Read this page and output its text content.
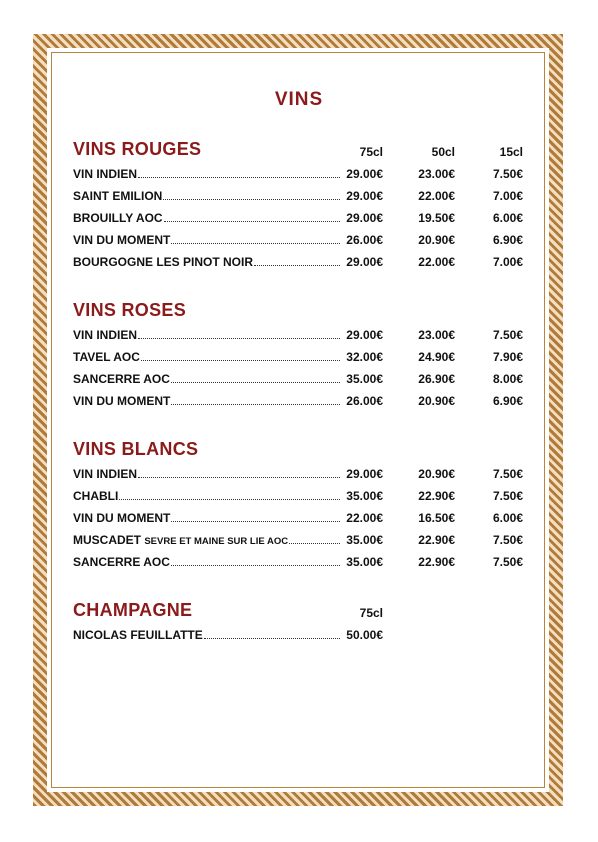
VINS
VINS ROUGES	75cl	50cl	15cl
VIN INDIEN	29.00€	23.00€	7.50€
SAINT EMILION	29.00€	22.00€	7.00€
BROUILLY AOC	29.00€	19.50€	6.00€
VIN DU MOMENT	26.00€	20.90€	6.90€
BOURGOGNE LES PINOT NOIR	29.00€	22.00€	7.00€
VINS ROSES
VIN INDIEN	29.00€	23.00€	7.50€
TAVEL AOC	32.00€	24.90€	7.90€
SANCERRE AOC	35.00€	26.90€	8.00€
VIN DU MOMENT	26.00€	20.90€	6.90€
VINS BLANCS
VIN INDIEN	29.00€	20.90€	7.50€
CHABLI	35.00€	22.90€	7.50€
VIN DU MOMENT	22.00€	16.50€	6.00€
MUSCADET SEVRE ET MAINE SUR LIE AOC	35.00€	22.90€	7.50€
SANCERRE AOC	35.00€	22.90€	7.50€
CHAMPAGNE	75cl
NICOLAS FEUILLATTE	50.00€
